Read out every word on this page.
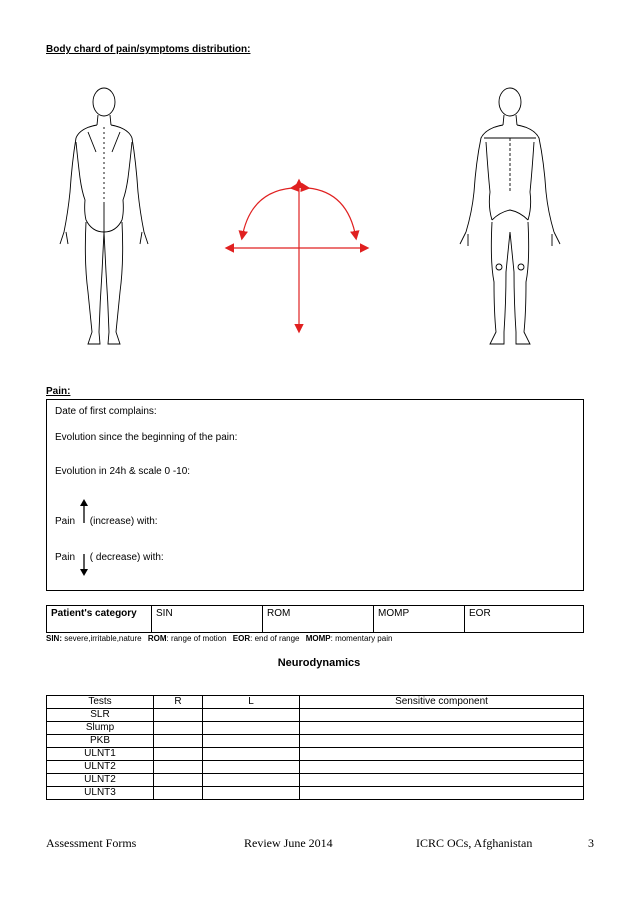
Body chard of pain/symptoms distribution:
Pain:
Date of first complains:
Evolution since the beginning of the pain:
Evolution in 24h & scale 0 -10:
Pain (increase) with:
Pain ( decrease) with:
Patient's category	SIN	ROM	MOMP	EOR
SIN: severe,irritable,nature ROM: range of motion EOR: end of range MOMP: momentary pain
Neurodynamics
Tests	R	L	Sensitive component
SLR			
Slump			
PKB			
ULNT1			
ULNT2			
ULNT2			
ULNT3			
Assessment Forms	Review June 2014	ICRC OCs, Afghanistan	3
